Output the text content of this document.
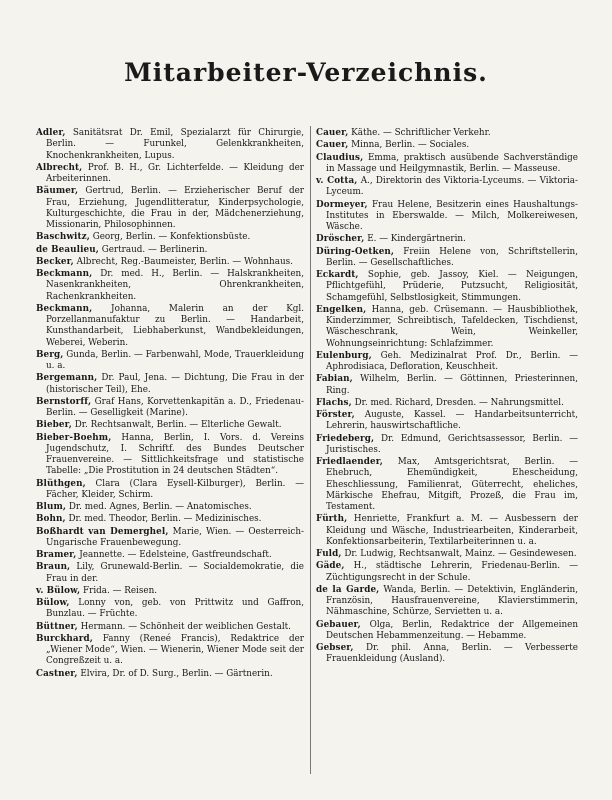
Mitarbeiter-Verzeichnis.
Adler, Sanitätsrat Dr. Emil, Spezialarzt für Chirurgie, Berlin. — Furunkel, Gelenkkrankheiten, Knochenkrankheiten, Lupus.
Albrecht, Prof. B. H., Gr. Lichterfelde. — Kleidung der Arbeiterinnen.
Bäumer, Gertrud, Berlin. — Erzieherischer Beruf der Frau, Erziehung, Jugendlitteratur, Kinderpsychologie, Kulturgeschichte, die Frau in der, Mädchenerziehung, Missionarin, Philosophinnen.
Baschwitz, Georg, Berlin. — Konfektionsbüste.
de Beaulieu, Gertraud. — Berlinerin.
Becker, Albrecht, Reg.-Baumeister, Berlin. — Wohnhaus.
Beckmann, Dr. med. H., Berlin. — Halskrankheiten, Nasenkrankheiten, Ohrenkrankheiten, Rachenkrankheiten.
Beckmann, Johanna, Malerin an der Kgl. Porzellanmanufaktur zu Berlin. — Handarbeit, Kunsthandarbeit, Liebhaberkunst, Wandbekleidungen, Weberei, Weberin.
Berg, Gunda, Berlin. — Farbenwahl, Mode, Trauerkleidung u. a.
Bergemann, Dr. Paul, Jena. — Dichtung, Die Frau in der (historischer Teil), Ehe.
Bernstorff, Graf Hans, Korvettenkapitän a. D., Friedenau-Berlin. — Geselligkeit (Marine).
Bieber, Dr. Rechtsanwalt, Berlin. — Elterliche Gewalt.
Bieber-Boehm, Hanna, Berlin, I. Vors. d. Vereins Jugendschutz, I. Schriftf. des Bundes Deutscher Frauenvereine. — Sittlichkeitsfrage und statistische Tabelle: „Die Prostitution in 24 deutschen Städten“.
Blüthgen, Clara (Clara Eysell-Kilburger), Berlin. — Fächer, Kleider, Schirm.
Blum, Dr. med. Agnes, Berlin. — Anatomisches.
Bohn, Dr. med. Theodor, Berlin. — Medizinisches.
Boßhardt van Demerghel, Marie, Wien. — Oesterreich-Ungarische Frauenbewegung.
Bramer, Jeannette. — Edelsteine, Gastfreundschaft.
Braun, Lily, Grunewald-Berlin. — Socialdemokratie, die Frau in der.
v. Bülow, Frida. — Reisen.
Bülow, Lonny von, geb. von Prittwitz und Gaffron, Bunzlau. — Früchte.
Büttner, Hermann. — Schönheit der weiblichen Gestalt.
Burckhard, Fanny (Reneé Francis), Redaktrice der „Wiener Mode“, Wien. — Wienerin, Wiener Mode seit der Congreßzeit u. a.
Castner, Elvira, Dr. of D. Surg., Berlin. — Gärtnerin.
Cauer, Käthe. — Schriftlicher Verkehr.
Cauer, Minna, Berlin. — Sociales.
Claudius, Emma, praktisch ausübende Sachverständige in Massage und Heilgymnastik, Berlin. — Masseuse.
v. Cotta, A., Direktorin des Viktoria-Lyceums. — Viktoria-Lyceum.
Dormeyer, Frau Helene, Besitzerin eines Haushaltungs-Institutes in Eberswalde. — Milch, Molkereiwesen, Wäsche.
Dröscher, E. — Kindergärtnerin.
Düring-Oetken, Freiin Helene von, Schriftstellerin, Berlin. — Gesellschaftliches.
Eckardt, Sophie, geb. Jassoy, Kiel. — Neigungen, Pflichtgefühl, Prüderie, Putzsucht, Religiosität, Schamgefühl, Selbstlosigkeit, Stimmungen.
Engelken, Hanna, geb. Crüsemann. — Hausbibliothek, Kinderzimmer, Schreibtisch, Tafeldecken, Tischdienst, Wäscheschrank, Wein, Weinkeller, Wohnungseinrichtung: Schlafzimmer.
Eulenburg, Geh. Medizinalrat Prof. Dr., Berlin. — Aphrodisiaca, Defloration, Keuschheit.
Fabian, Wilhelm, Berlin. — Göttinnen, Priesterinnen, Ring.
Flachs, Dr. med. Richard, Dresden. — Nahrungsmittel.
Förster, Auguste, Kassel. — Handarbeitsunterricht, Lehrerin, hauswirtschaftliche.
Friedeberg, Dr. Edmund, Gerichtsassessor, Berlin. — Juristisches.
Friedlaender, Max, Amtsgerichtsrat, Berlin. — Ehebruch, Ehemündigkeit, Ehescheidung, Eheschliessung, Familienrat, Güterrecht, eheliches, Märkische Ehefrau, Mitgift, Prozeß, die Frau im, Testament.
Fürth, Henriette, Frankfurt a. M. — Ausbessern der Kleidung und Wäsche, Industriearbeiten, Kinderarbeit, Konfektionsarbeiterin, Textilarbeiterinnen u. a.
Fuld, Dr. Ludwig, Rechtsanwalt, Mainz. — Gesindewesen.
Gäde, H., städtische Lehrerin, Friedenau-Berlin. — Züchtigungsrecht in der Schule.
de la Garde, Wanda, Berlin. — Detektivin, Engländerin, Französin, Hausfrauenvereine, Klavierstimmerin, Nähmaschine, Schürze, Servietten u. a.
Gebauer, Olga, Berlin, Redaktrice der Allgemeinen Deutschen Hebammenzeitung. — Hebamme.
Gebser, Dr. phil. Anna, Berlin. — Verbesserte Frauenkleidung (Ausland).
